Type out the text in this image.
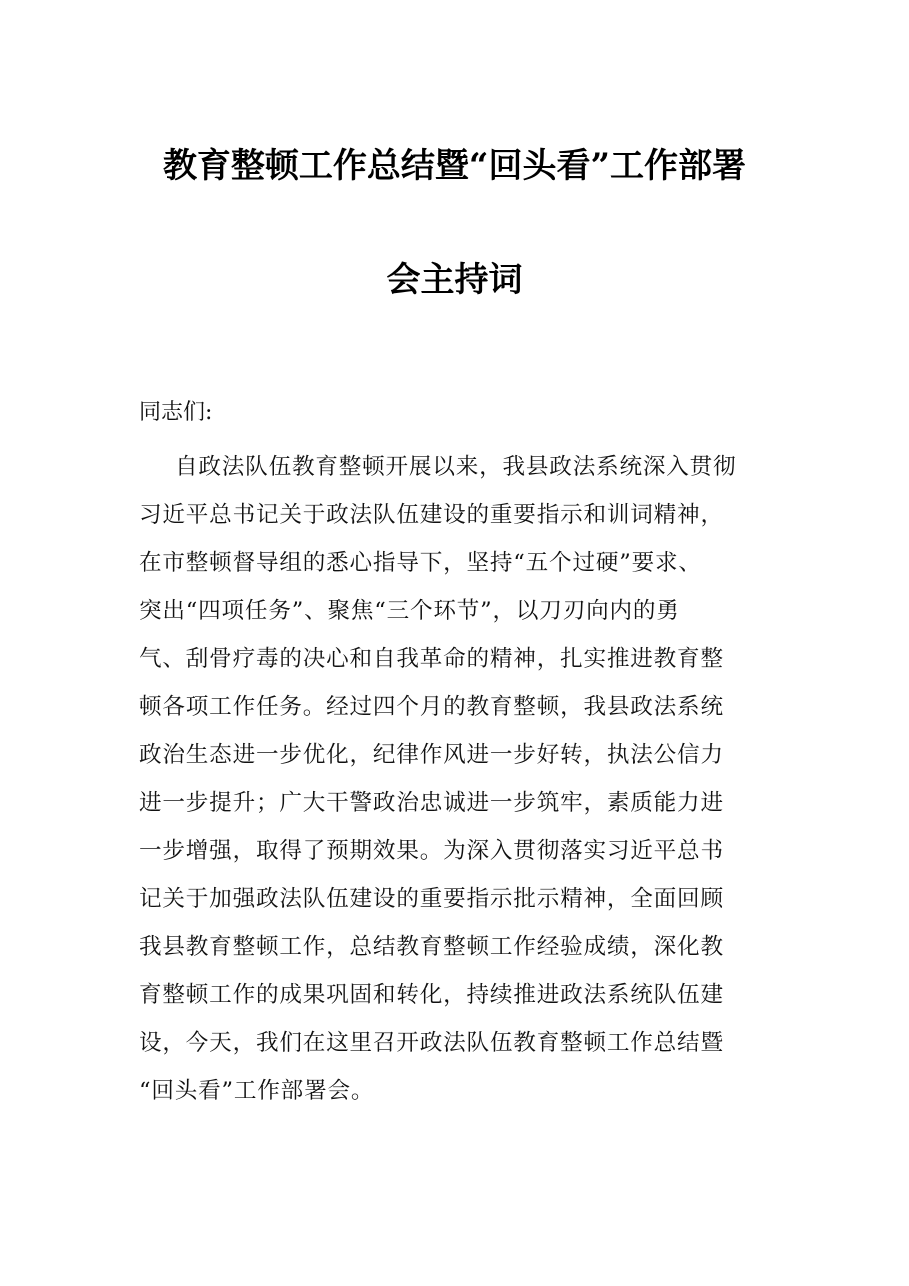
教育整顿工作总结暨“回头看”工作部署
会主持词
同志们:
自政法队伍教育整顿开展以来，我县政法系统深入贯彻
习近平总书记关于政法队伍建设的重要指示和训词精神，
在市整顿督导组的悉心指导下，坚持“五个过硬”要求、
突出“四项任务”、聚焦“三个环节”，以刀刃向内的勇
气、刮骨疗毒的决心和自我革命的精神，扎实推进教育整
顿各项工作任务。经过四个月的教育整顿，我县政法系统
政治生态进一步优化，纪律作风进一步好转，执法公信力
进一步提升；广大干警政治忠诚进一步筑牢，素质能力进
一步增强，取得了预期效果。为深入贯彻落实习近平总书
记关于加强政法队伍建设的重要指示批示精神，全面回顾
我县教育整顿工作，总结教育整顿工作经验成绩，深化教
育整顿工作的成果巩固和转化，持续推进政法系统队伍建
设，今天，我们在这里召开政法队伍教育整顿工作总结暨
“回头看”工作部署会。
